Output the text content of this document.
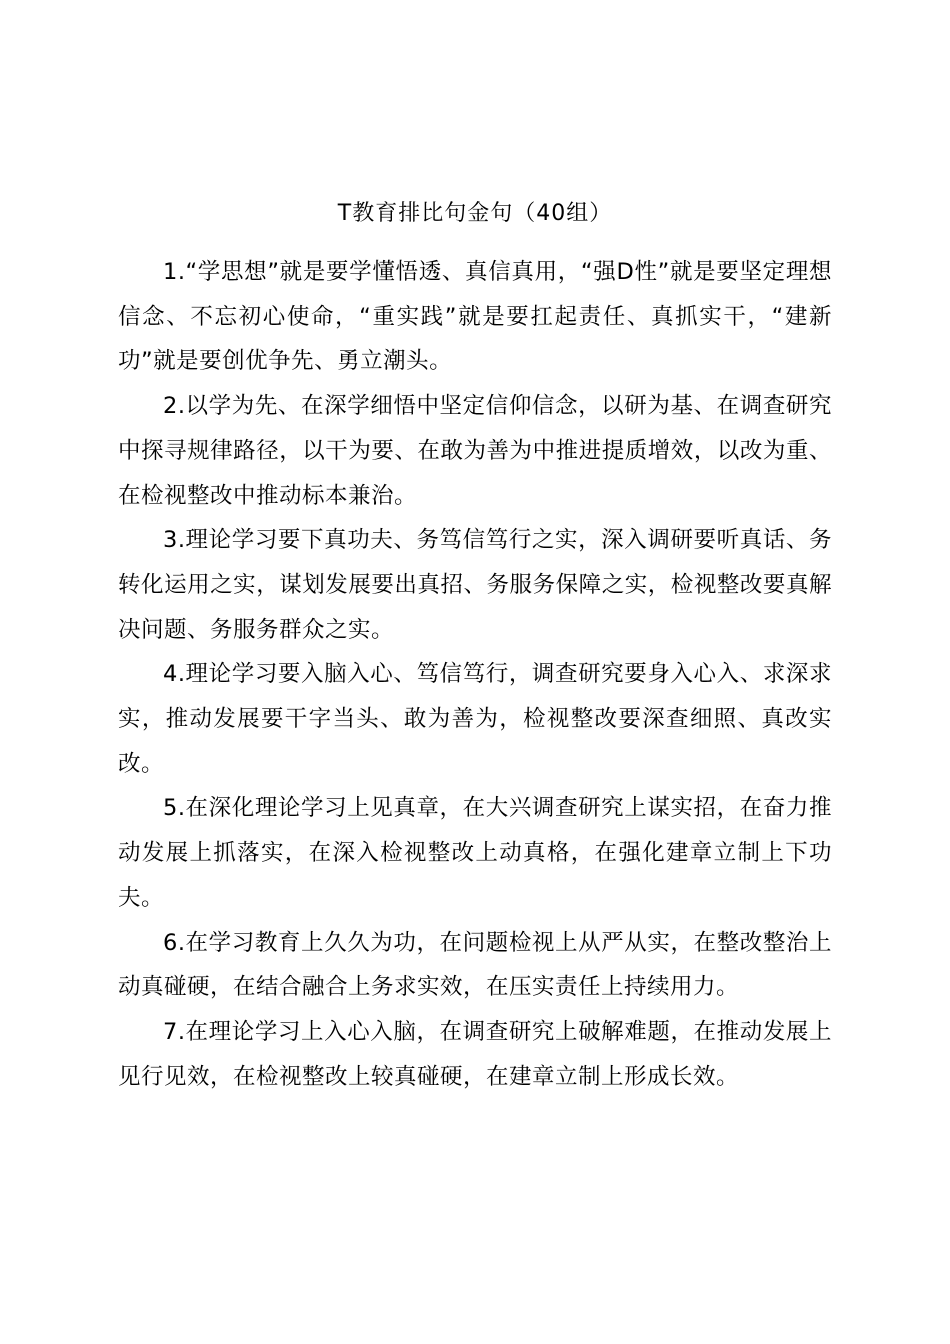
T教育排比句金句（40组）

1.“学思想”就是要学懂悟透、真信真用，“强D性”就是要坚定理想信念、不忘初心使命，“重实践”就是要扛起责任、真抓实干，“建新功”就是要创优争先、勇立潮头。

2.以学为先、在深学细悟中坚定信仰信念，以研为基、在调查研究中探寻规律路径，以干为要、在敢为善为中推进提质增效，以改为重、在检视整改中推动标本兼治。

3.理论学习要下真功夫、务笃信笃行之实，深入调研要听真话、务转化运用之实，谋划发展要出真招、务服务保障之实，检视整改要真解决问题、务服务群众之实。

4.理论学习要入脑入心、笃信笃行，调查研究要身入心入、求深求实，推动发展要干字当头、敢为善为，检视整改要深查细照、真改实改。

5.在深化理论学习上见真章，在大兴调查研究上谋实招，在奋力推动发展上抓落实，在深入检视整改上动真格，在强化建章立制上下功夫。

6.在学习教育上久久为功，在问题检视上从严从实，在整改整治上动真碰硬，在结合融合上务求实效，在压实责任上持续用力。

7.在理论学习上入心入脑，在调查研究上破解难题，在推动发展上见行见效，在检视整改上较真碰硬，在建章立制上形成长效。
